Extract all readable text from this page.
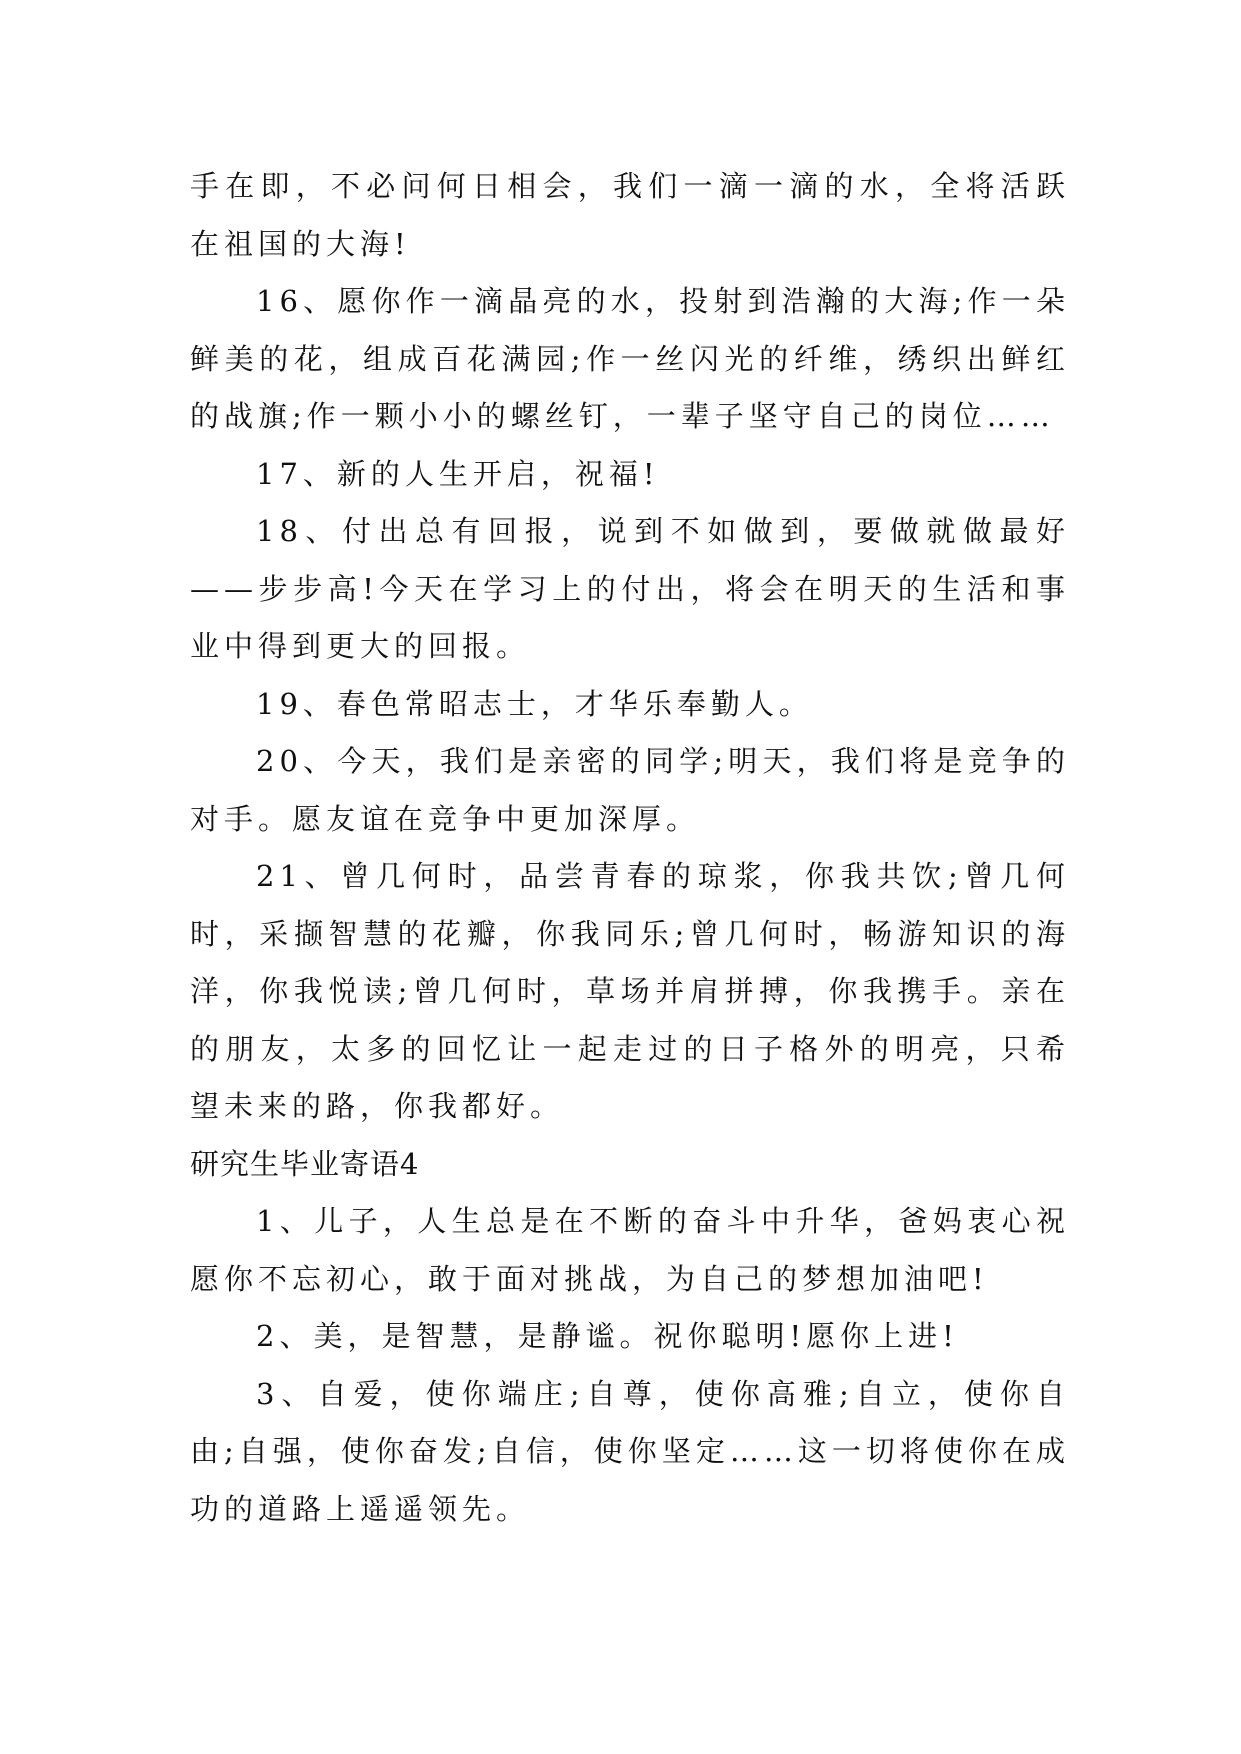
手在即，不必问何日相会，我们一滴一滴的水，全将活跃在祖国的大海!

16、愿你作一滴晶亮的水，投射到浩瀚的大海;作一朵鲜美的花，组成百花满园;作一丝闪光的纤维，绣织出鲜红的战旗;作一颗小小的螺丝钉，一辈子坚守自己的岗位……

17、新的人生开启，祝福!

18、付出总有回报，说到不如做到，要做就做最好——步步高!今天在学习上的付出，将会在明天的生活和事业中得到更大的回报。

19、春色常昭志士，才华乐奉勤人。

20、今天，我们是亲密的同学;明天，我们将是竞争的对手。愿友谊在竞争中更加深厚。

21、曾几何时，品尝青春的琼浆，你我共饮;曾几何时，采撷智慧的花瓣，你我同乐;曾几何时，畅游知识的海洋，你我悦读;曾几何时，草场并肩拼搏，你我携手。亲在的朋友，太多的回忆让一起走过的日子格外的明亮，只希望未来的路，你我都好。

研究生毕业寄语4

1、儿子，人生总是在不断的奋斗中升华，爸妈衷心祝愿你不忘初心，敢于面对挑战，为自己的梦想加油吧!

2、美，是智慧，是静谧。祝你聪明!愿你上进!

3、自爱，使你端庄;自尊，使你高雅;自立，使你自由;自强，使你奋发;自信，使你坚定……这一切将使你在成功的道路上遥遥领先。
